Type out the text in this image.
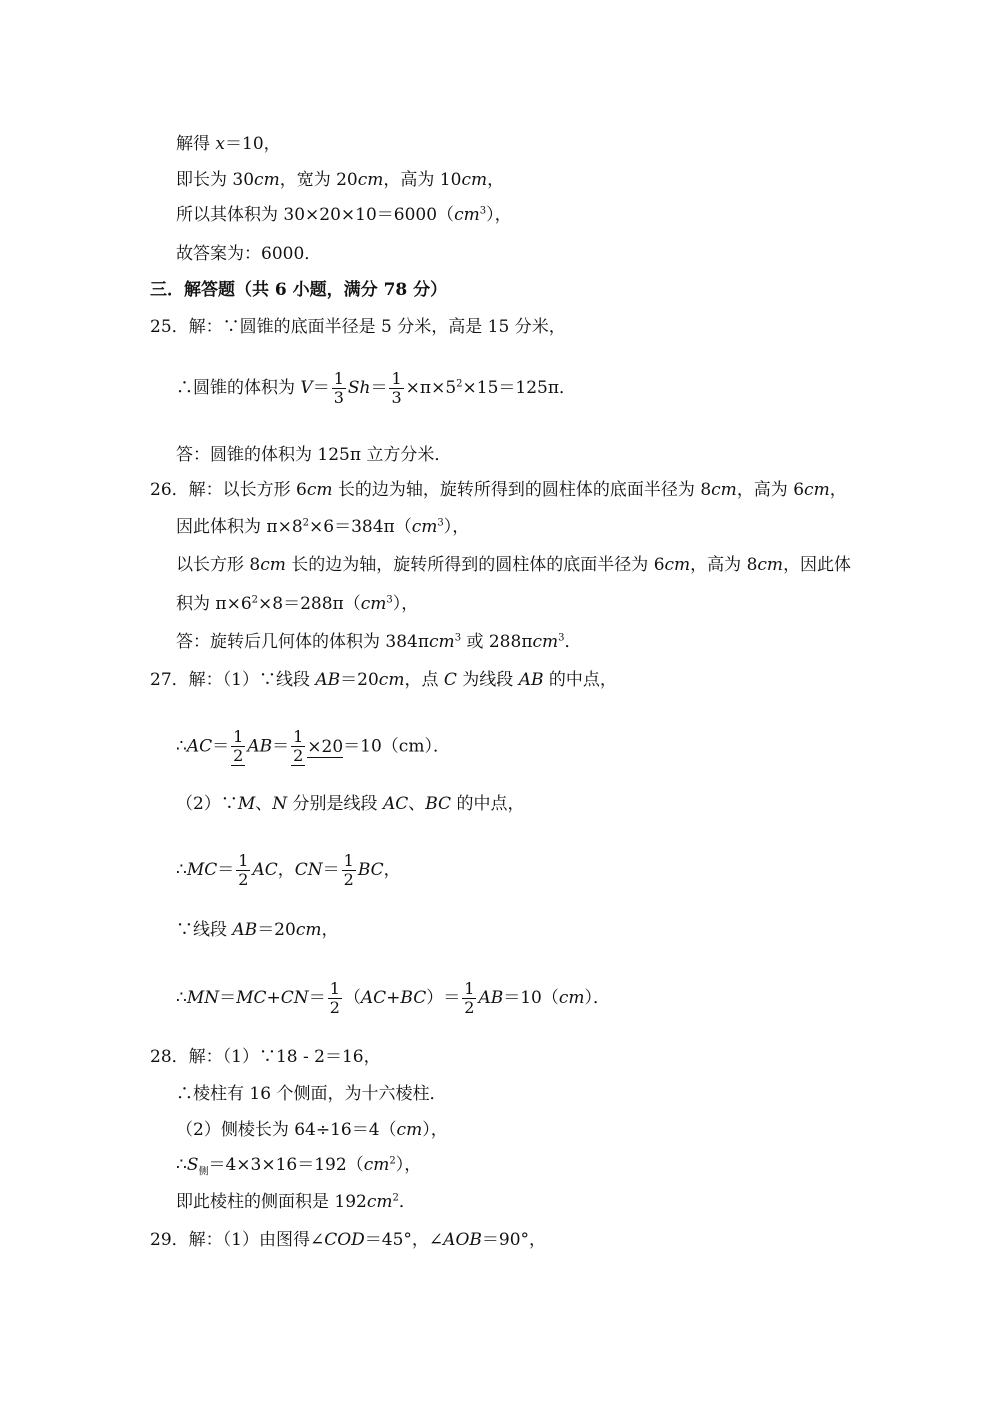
解得 x＝10，
即长为 30cm，宽为 20cm，高为 10cm，
所以其体积为 $30\times 20\times 10=6000(cm^3)$，
故答案为：6000．
三．解答题（共 6 小题，满分 78 分）
25．解：∵圆锥的底面半径是 5 分米，高是 15 分米，
∴圆锥的体积为 $V= \frac{1}{3} Sh= \frac{1}{3} \times\pi\times 5^2\times 15=125\pi$．
答：圆锥的体积为 125π 立方分米．
26．解：以长方形 6cm 长的边为轴，旋转所得到的圆柱体的底面半径为 8cm，高为 6cm，
因此体积为 $\pi\times 8^2\times 6=384\pi(cm^3)$，
以长方形 8cm 长的边为轴，旋转所得到的圆柱体的底面半径为 6cm，高为 8cm，因此体
积为 $\pi\times 6^2\times 8=288\pi(cm^3)$，
答：旋转后几何体的体积为 384πcm$^3$ 或 288πcm$^3$．
27．解：（1）∵线段 AB＝20cm，点 C 为线段 AB 的中点，
∴AC＝ $\frac{1}{2} AB= \frac{1}{2} \times 20=10(cm)$．
（2）∵M、N 分别是线段 AC、BC 的中点，
∴MC＝ $\frac{1}{2}$ AC，$CN= \frac{1}{2}$ BC，
∵线段 AB＝20cm，
∴MN＝MC+CN＝ $\frac{1}{2} (AC+BC)= \frac{1}{2} AB=10(cm)$．
28．解：（1）∵18 - 2＝16，
∴棱柱有 16 个侧面，为十六棱柱．
（2）侧棱长为 64÷16＝4（cm），
$\therefore S_侧=4\times 3\times 16=192(cm^2)$，
即此棱柱的侧面积是 $192cm^2$．
29．解：（1）由图得∠COD＝45°，∠AOB＝90°，
